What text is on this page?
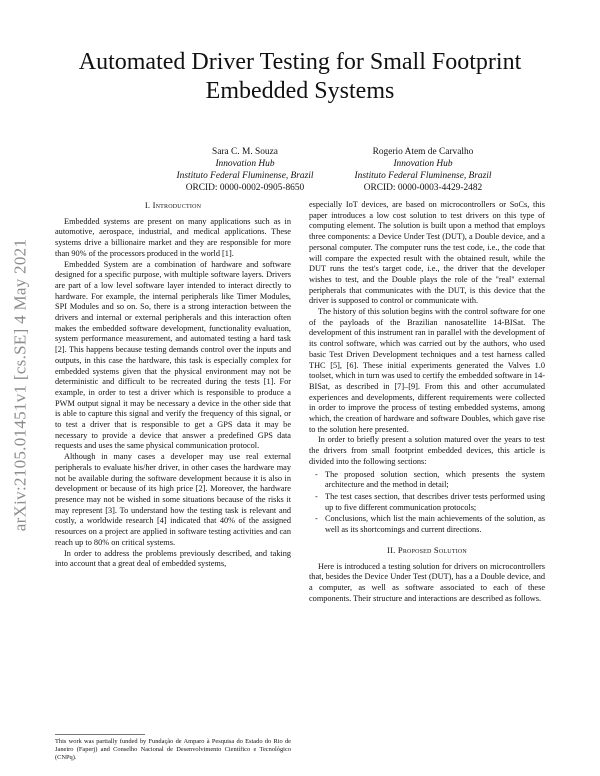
arXiv:2105.01451v1 [cs.SE] 4 May 2021
Automated Driver Testing for Small Footprint Embedded Systems
Sara C. M. Souza
Innovation Hub
Instituto Federal Fluminense, Brazil
ORCID: 0000-0002-0905-8650
Rogerio Atem de Carvalho
Innovation Hub
Instituto Federal Fluminense, Brazil
ORCID: 0000-0003-4429-2482
I. Introduction

Embedded systems are present on many applications such as in automotive, aerospace, industrial, and medical applications. These systems drive a billionaire market and they are responsible for more than 90% of the processors produced in the world [1].

Embedded System are a combination of hardware and software designed for a specific purpose, with multiple software layers. Drivers are part of a low level software layer intended to interact directly to hardware. For example, the internal peripherals like Timer Modules, SPI Modules and so on. So, there is a strong interaction between the drivers and internal or external peripherals and this interaction often makes the embedded software development, functionality evaluation, system performance measurement, and automated testing a hard task [2]. This happens because testing demands control over the inputs and outputs, in this case the hardware, this task is especially complex for embedded systems given that the physical environment may not be deterministic and difficult to be recreated during the tests [1]. For example, in order to test a driver which is responsible to produce a PWM output signal it may be necessary a device in the other side that is able to capture this signal and verify the frequency of this signal, or to test a driver that is responsible to get a GPS data it may be necessary to provide a device that answer a predefined GPS data requests and uses the same physical communication protocol.

Although in many cases a developer may use real external peripherals to evaluate his/her driver, in other cases the hardware may not be available during the software development because it is also in development or because of its high price [2]. Moreover, the hardware presence may not be wished in some situations because of the risks it may represent [3]. To understand how the testing task is relevant and costly, a worldwide research [4] indicated that 40% of the assigned resources on a project are applied in software testing activities and can reach up to 80% on critical systems.

In order to address the problems previously described, and taking into account that a great deal of embedded systems,

This work was partially funded by Fundação de Amparo à Pesquisa do Estado do Rio de Janeiro (Faperj) and Conselho Nacional de Desenvolvimento Científico e Tecnológico (CNPq).

especially IoT devices, are based on microcontrollers or SoCs, this paper introduces a low cost solution to test drivers on this type of computing element. The solution is built upon a method that employs three components: a Device Under Test (DUT), a Double device, and a personal computer. The computer runs the test code, i.e., the code that will compare the expected result with the obtained result, while the DUT runs the test's target code, i.e., the driver that the developer wishes to test, and the Double plays the role of the "real" external peripherals that communicates with the DUT, is this device that the driver is supposed to control or communicate with.

The history of this solution begins with the control software for one of the payloads of the Brazilian nanosatellite 14-BISat. The development of this instrument ran in parallel with the development of its control software, which was carried out by the authors, who used basic Test Driven Development techniques and a test harness called THC [5], [6]. These initial experiments generated the Valves 1.0 toolset, which in turn was used to certify the embedded software in 14-BISat, as described in [7]–[9]. From this and other accumulated experiences and developments, different requirements were collected in order to improve the process of testing embedded systems, among which, the creation of hardware and software Doubles, which gave rise to the solution here presented.

In order to briefly present a solution matured over the years to test the drivers from small footprint embedded devices, this article is divided into the following sections:

- The proposed solution section, which presents the system architecture and the method in detail;
- The test cases section, that describes driver tests performed using up to five different communication protocols;
- Conclusions, which list the main achievements of the solution, as well as its shortcomings and current directions.
II. Proposed Solution

Here is introduced a testing solution for drivers on microcontrollers that, besides the Device Under Test (DUT), has a a Double device, and a computer, as well as software associated to each of these components. Their structure and interactions are described as follows.
